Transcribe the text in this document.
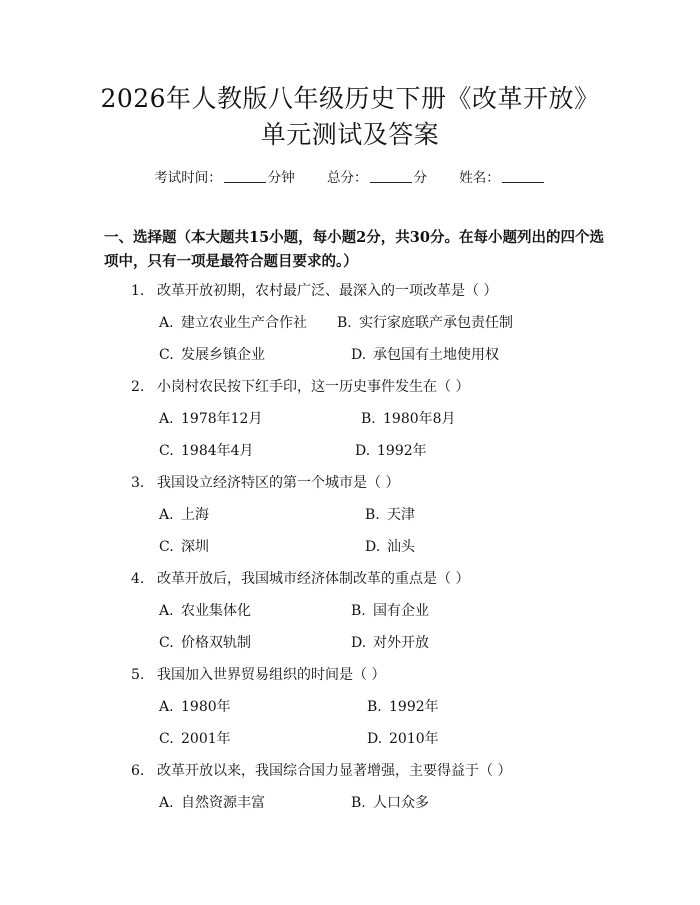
2026年人教版八年级历史下册《改革开放》
单元测试及答案
考试时间：	分钟 总分：	分 姓名：
一、选择题（本大题共15小题，每小题2分，共30分。在每小题列出的四个选项中，只有一项是最符合题目要求的。）
1. 改革开放初期，农村最广泛、最深入的一项改革是（ ）
A. 建立农业生产合作社 B. 实行家庭联产承包责任制
C. 发展乡镇企业	D. 承包国有土地使用权
2. 小岗村农民按下红手印，这一历史事件发生在（ ）
A. 1978年12月	B. 1980年8月
C. 1984年4月	D. 1992年
3. 我国设立经济特区的第一个城市是（ ）
A. 上海	B. 天津
C. 深圳	D. 汕头
4. 改革开放后，我国城市经济体制改革的重点是（ ）
A. 农业集体化	B. 国有企业
C. 价格双轨制	D. 对外开放
5. 我国加入世界贸易组织的时间是（ ）
A. 1980年	B. 1992年
C. 2001年	D. 2010年
6. 改革开放以来，我国综合国力显著增强，主要得益于（ ）
A. 自然资源丰富	B. 人口众多
